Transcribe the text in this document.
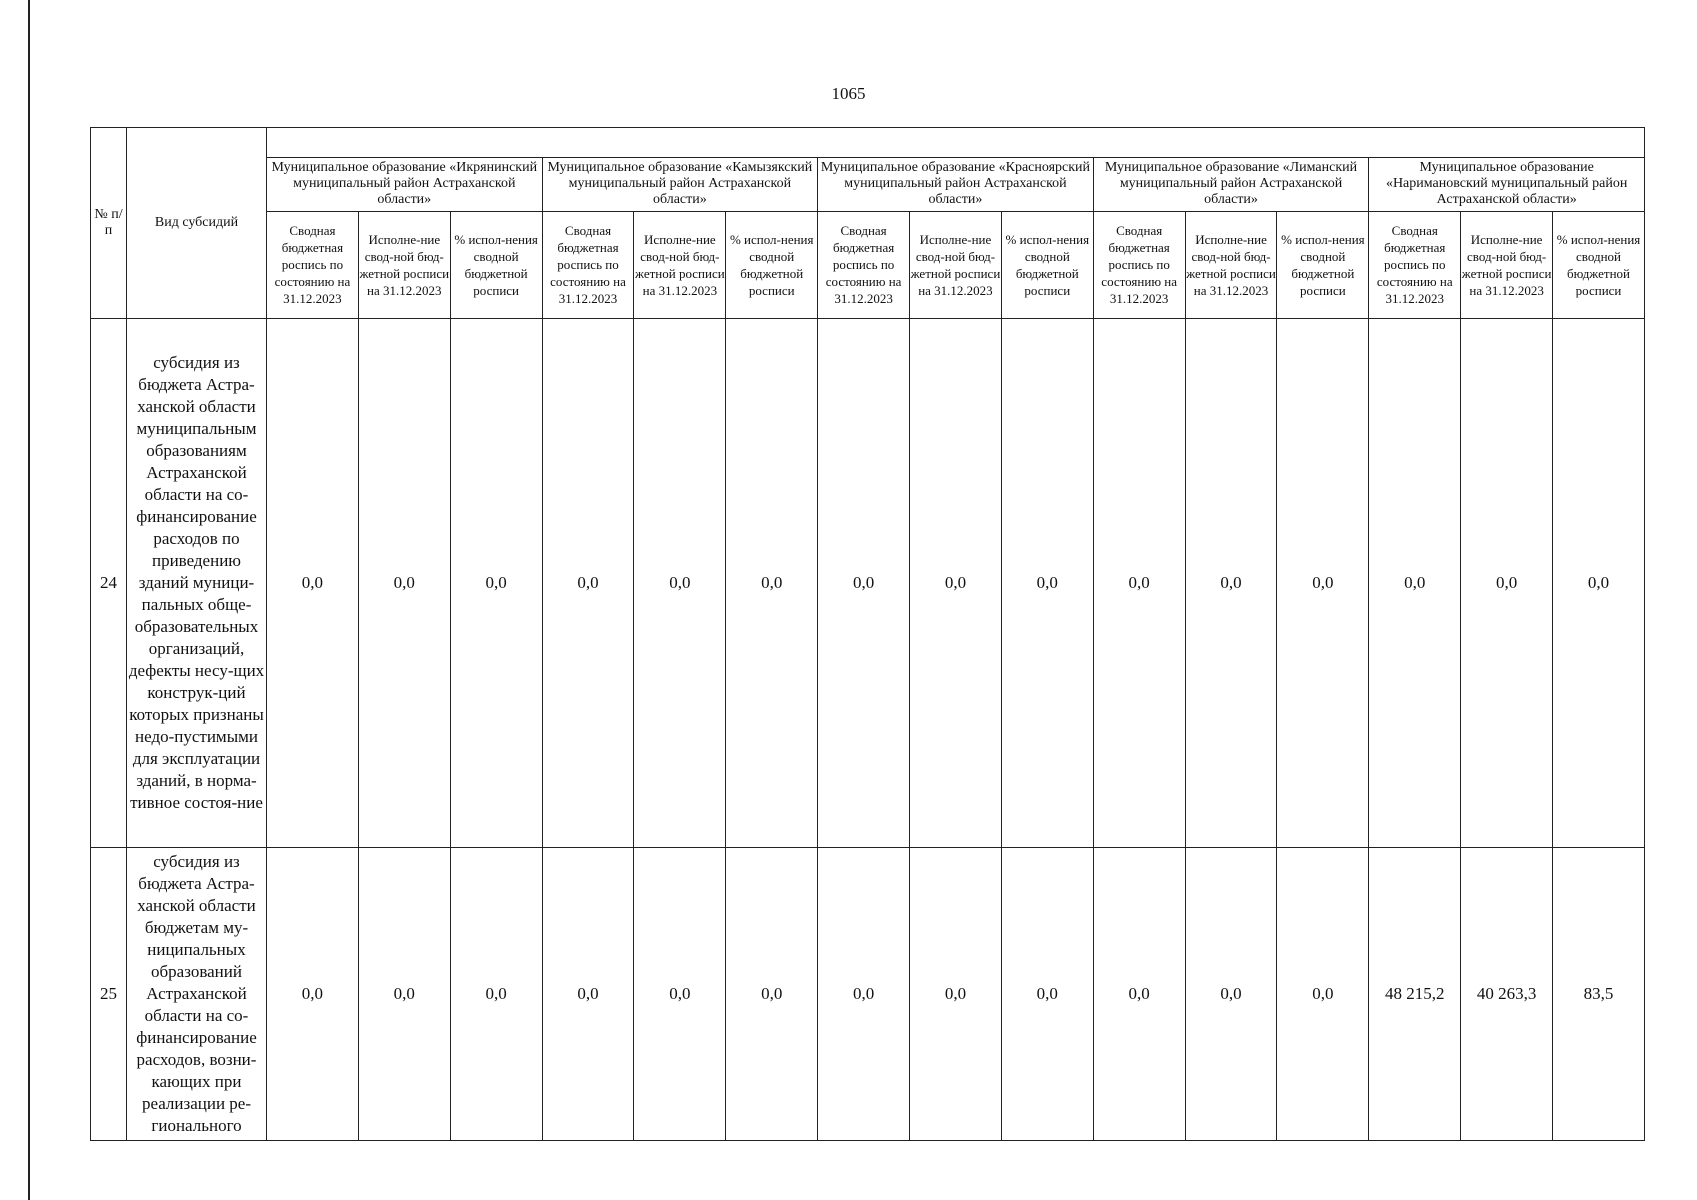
1065
№ п/п	Вид субсидий															
		Муниципальное образование «Икрянинский муниципальный район Астраханской области»			Муниципальное образование «Камызякский муниципальный район Астраханской области»			Муниципальное образование «Красноярский муниципальный район Астраханской области»			Муниципальное образование «Лиманский муниципальный район Астраханской области»			Муниципальное образование «Наримановский муниципальный район Астраханской области»		
		Сводная бюджетная роспись по состоянию на 31.12.2023	Исполне-ние свод-ной бюд-жетной росписи на 31.12.2023	% испол-нения сводной бюджетной росписи	Сводная бюджетная роспись по состоянию на 31.12.2023	Исполне-ние свод-ной бюд-жетной росписи на 31.12.2023	% испол-нения сводной бюджетной росписи	Сводная бюджетная роспись по состоянию на 31.12.2023	Исполне-ние свод-ной бюд-жетной росписи на 31.12.2023	% испол-нения сводной бюджетной росписи	Сводная бюджетная роспись по состоянию на 31.12.2023	Исполне-ние свод-ной бюд-жетной росписи на 31.12.2023	% испол-нения сводной бюджетной росписи	Сводная бюджетная роспись по состоянию на 31.12.2023	Исполне-ние свод-ной бюд-жетной росписи на 31.12.2023	% испол-нения сводной бюджетной росписи
24	субсидия из бюджета Астра-ханской области муниципальным образованиям Астраханской области на со-финансирование расходов по приведению зданий муници-пальных обще-образовательных организаций, дефекты несу-щих конструк-ций которых признаны недо-пустимыми для эксплуатации зданий, в норма-тивное состоя-ние	0,0	0,0	0,0	0,0	0,0	0,0	0,0	0,0	0,0	0,0	0,0	0,0	0,0	0,0	0,0
25	субсидия из бюджета Астра-ханской области бюджетам му-ниципальных образований Астраханской области на со-финансирование расходов, возни-кающих при реализации ре-гионального	0,0	0,0	0,0	0,0	0,0	0,0	0,0	0,0	0,0	0,0	0,0	0,0	48 215,2	40 263,3	83,5
